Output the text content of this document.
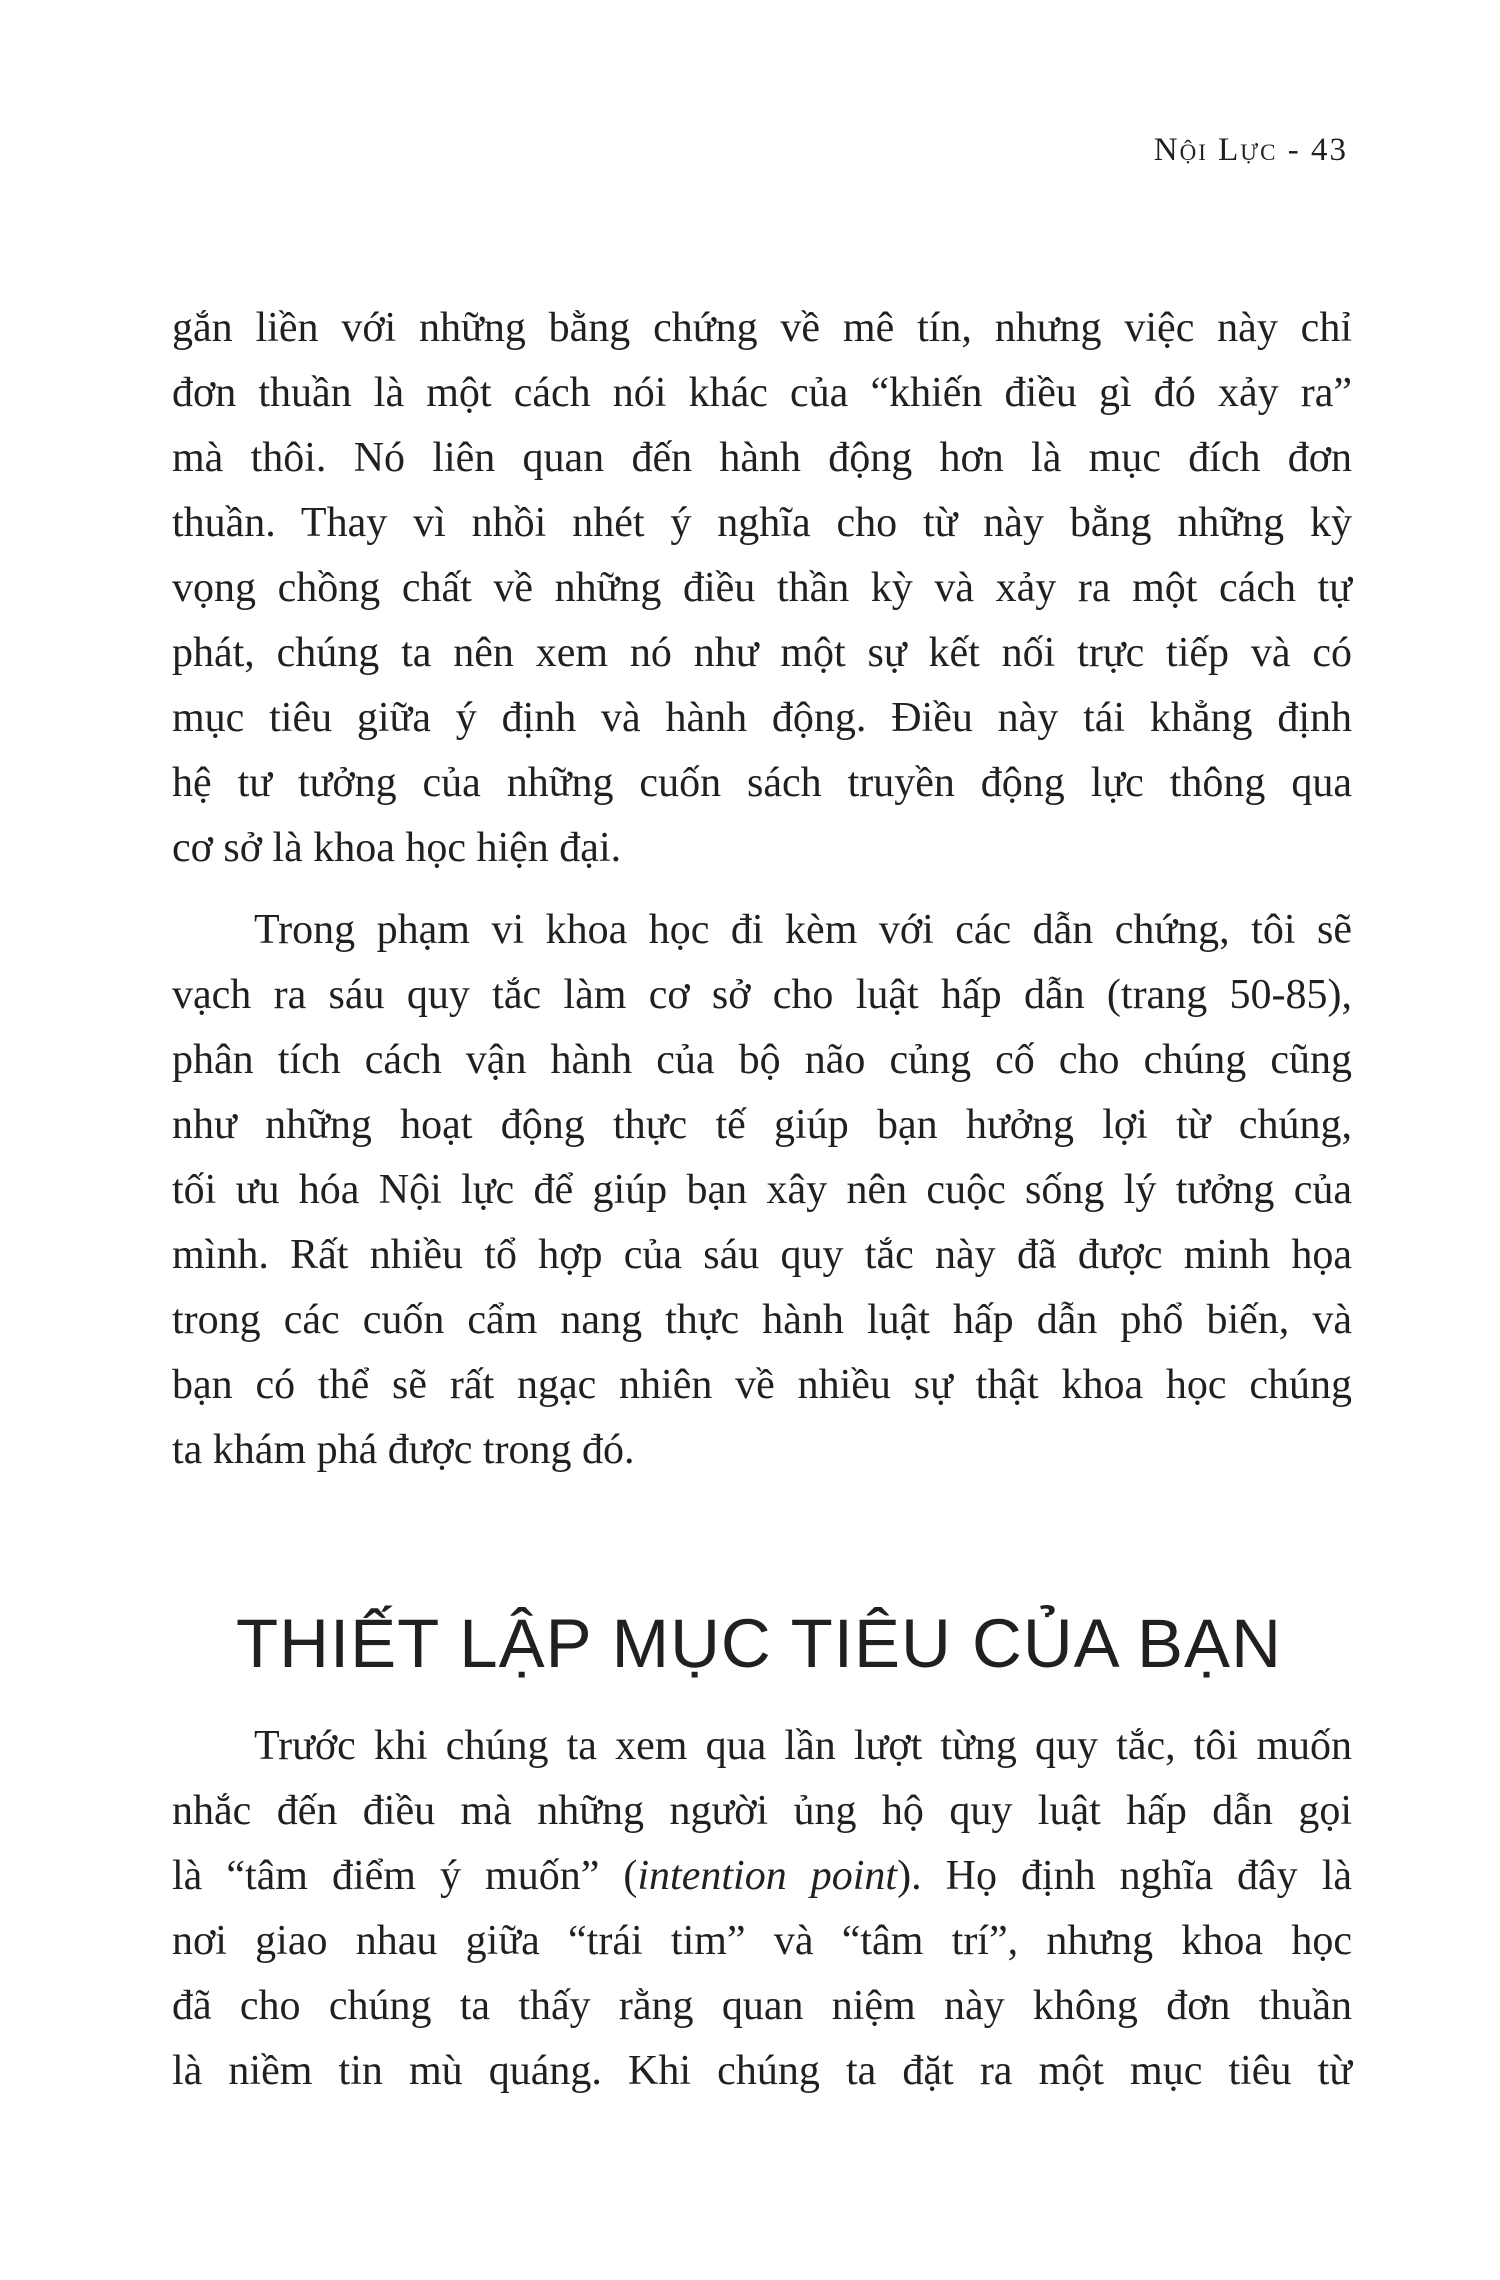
Nội Lực - 43
gắn liền với những bằng chứng về mê tín, nhưng việc này chỉ
đơn thuần là một cách nói khác của “khiến điều gì đó xảy ra”
mà thôi. Nó liên quan đến hành động hơn là mục đích đơn
thuần. Thay vì nhồi nhét ý nghĩa cho từ này bằng những kỳ
vọng chồng chất về những điều thần kỳ và xảy ra một cách tự
phát, chúng ta nên xem nó như một sự kết nối trực tiếp và có
mục tiêu giữa ý định và hành động. Điều này tái khẳng định
hệ tư tưởng của những cuốn sách truyền động lực thông qua
cơ sở là khoa học hiện đại.
Trong phạm vi khoa học đi kèm với các dẫn chứng, tôi sẽ
vạch ra sáu quy tắc làm cơ sở cho luật hấp dẫn (trang 50-85),
phân tích cách vận hành của bộ não củng cố cho chúng cũng
như những hoạt động thực tế giúp bạn hưởng lợi từ chúng,
tối ưu hóa Nội lực để giúp bạn xây nên cuộc sống lý tưởng của
mình. Rất nhiều tổ hợp của sáu quy tắc này đã được minh họa
trong các cuốn cẩm nang thực hành luật hấp dẫn phổ biến, và
bạn có thể sẽ rất ngạc nhiên về nhiều sự thật khoa học chúng
ta khám phá được trong đó.
THIẾT LẬP MỤC TIÊU CỦA BẠN
Trước khi chúng ta xem qua lần lượt từng quy tắc, tôi muốn
nhắc đến điều mà những người ủng hộ quy luật hấp dẫn gọi
là “tâm điểm ý muốn” (intention point). Họ định nghĩa đây là
nơi giao nhau giữa “trái tim” và “tâm trí”, nhưng khoa học
đã cho chúng ta thấy rằng quan niệm này không đơn thuần
là niềm tin mù quáng. Khi chúng ta đặt ra một mục tiêu từ
